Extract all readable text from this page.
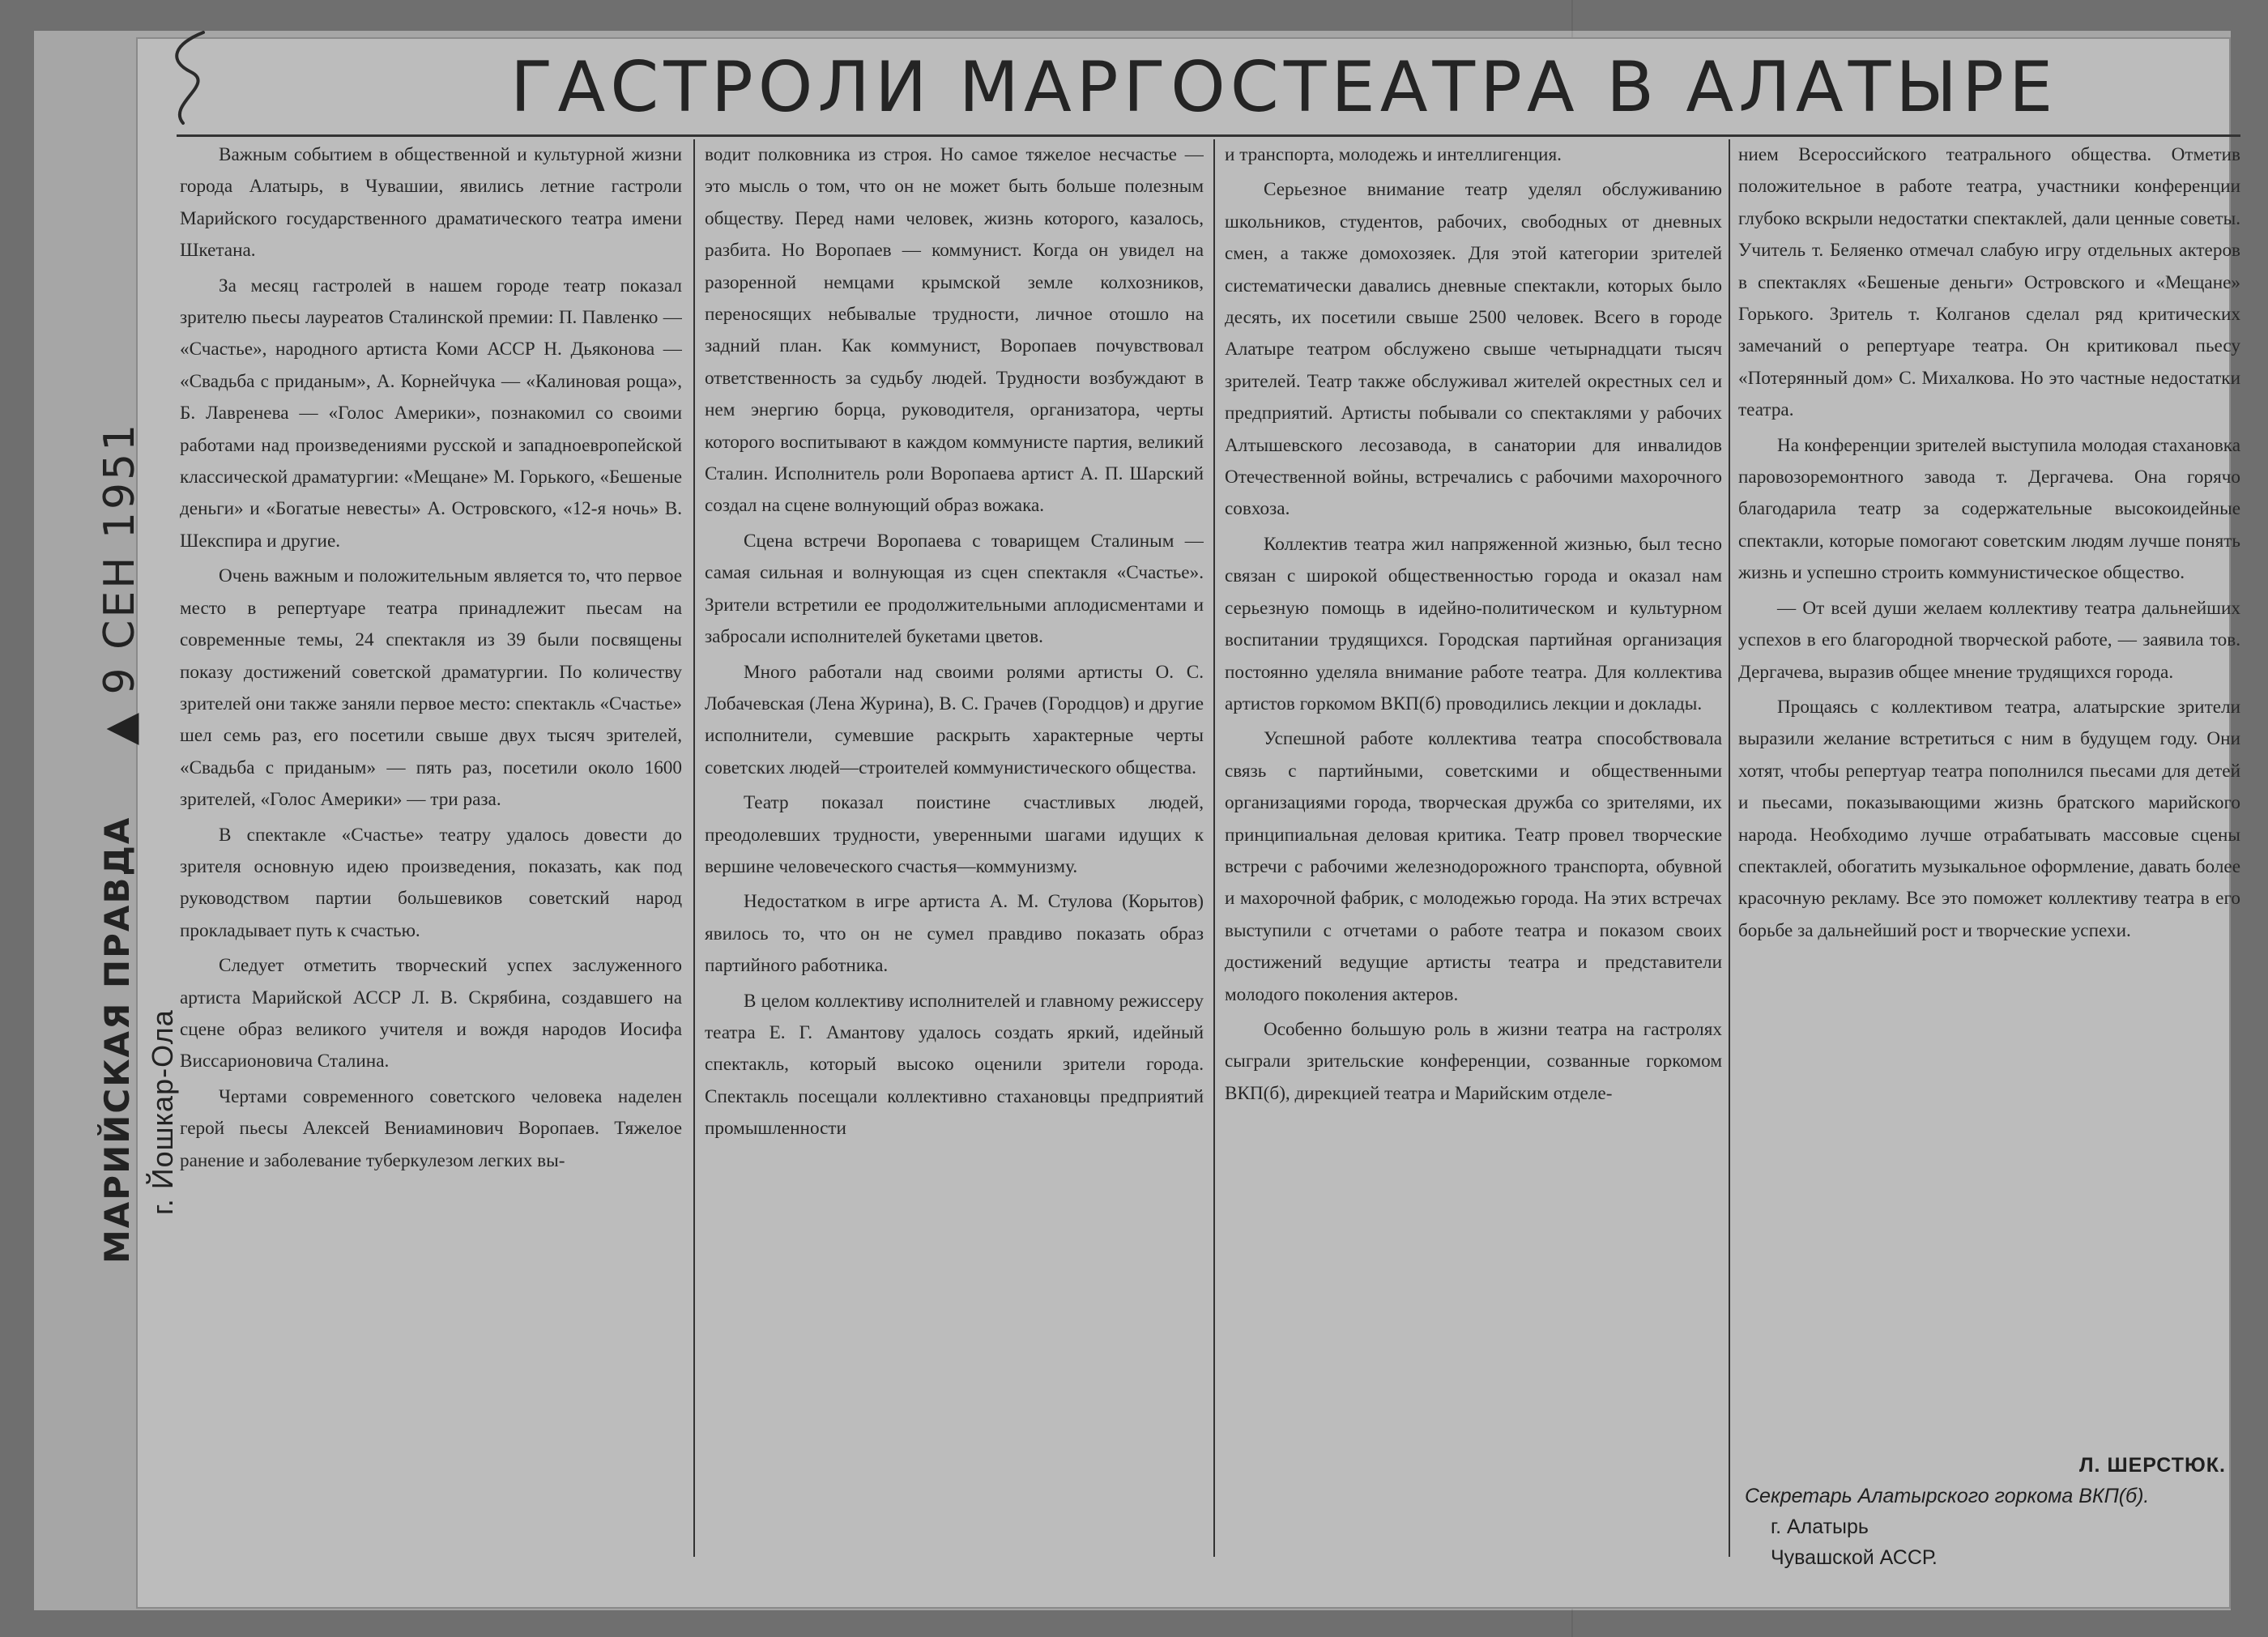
ГАСТРОЛИ МАРГОСТЕАТРА В АЛАТЫРЕ

Важным событием в общественной и культурной жизни города Алатырь, в Чувашии, явились летние гастроли Марийского государственного драматического театра имени Шкетана.

За месяц гастролей в нашем городе театр показал зрителю пьесы лауреатов Сталинской премии: П. Павленко — «Счастье», народного артиста Коми АССР Н. Дьяконова — «Свадьба с приданым», А. Корнейчука — «Калиновая роща», Б. Лавренева — «Голос Америки», познакомил со своими работами над произведениями русской и западноевропейской классической драматургии: «Мещане» М. Горького, «Бешеные деньги» и «Богатые невесты» А. Островского, «12-я ночь» В. Шекспира и другие.

Очень важным и положительным является то, что первое место в репертуаре театра принадлежит пьесам на современные темы, 24 спектакля из 39 были посвящены показу достижений советской драматургии. По количеству зрителей они также заняли первое место: спектакль «Счастье» шел семь раз, его посетили свыше двух тысяч зрителей, «Свадьба с приданым» — пять раз, посетили около 1600 зрителей, «Голос Америки» — три раза.

В спектакле «Счастье» театру удалось довести до зрителя основную идею произведения, показать, как под руководством партии большевиков советский народ прокладывает путь к счастью.

Следует отметить творческий успех заслуженного артиста Марийской АССР Л. В. Скрябина, создавшего на сцене образ великого учителя и вождя народов Иосифа Виссарионовича Сталина.

Чертами современного советского человека наделен герой пьесы Алексей Вениаминович Воропаев. Тяжелое ранение и заболевание туберкулезом легких вы-

водит полковника из строя. Но самое тяжелое несчастье — это мысль о том, что он не может быть больше полезным обществу. Перед нами человек, жизнь которого, казалось, разбита. Но Воропаев — коммунист. Когда он увидел на разоренной немцами крымской земле колхозников, переносящих небывалые трудности, личное отошло на задний план. Как коммунист, Воропаев почувствовал ответственность за судьбу людей. Трудности возбуждают в нем энергию борца, руководителя, организатора, черты которого воспитывают в каждом коммунисте партия, великий Сталин. Исполнитель роли Воропаева артист А. П. Шарский создал на сцене волнующий образ вожака.

Сцена встречи Воропаева с товарищем Сталиным — самая сильная и волнующая из сцен спектакля «Счастье». Зрители встретили ее продолжительными аплодисментами и забросали исполнителей букетами цветов.

Много работали над своими ролями артисты О. С. Лобачевская (Лена Журина), В. С. Грачев (Городцов) и другие исполнители, сумевшие раскрыть характерные черты советских людей—строителей коммунистического общества.

Театр показал поистине счастливых людей, преодолевших трудности, уверенными шагами идущих к вершине человеческого счастья—коммунизму.

Недостатком в игре артиста А. М. Стулова (Корытов) явилось то, что он не сумел правдиво показать образ партийного работника.

В целом коллективу исполнителей и главному режиссеру театра Е. Г. Амантову удалось создать яркий, идейный спектакль, который высоко оценили зрители города. Спектакль посещали коллективно стахановцы предприятий промышленности

и транспорта, молодежь и интеллигенция.

Серьезное внимание театр уделял обслуживанию школьников, студентов, рабочих, свободных от дневных смен, а также домохозяек. Для этой категории зрителей систематически давались дневные спектакли, которых было десять, их посетили свыше 2500 человек. Всего в городе Алатыре театром обслужено свыше четырнадцати тысяч зрителей. Театр также обслуживал жителей окрестных сел и предприятий. Артисты побывали со спектаклями у рабочих Алтышевского лесозавода, в санатории для инвалидов Отечественной войны, встречались с рабочими махорочного совхоза.

Коллектив театра жил напряженной жизнью, был тесно связан с широкой общественностью города и оказал нам серьезную помощь в идейно-политическом и культурном воспитании трудящихся. Городская партийная организация постоянно уделяла внимание работе театра. Для коллектива артистов горкомом ВКП(б) проводились лекции и доклады.

Успешной работе коллектива театра способствовала связь с партийными, советскими и общественными организациями города, творческая дружба со зрителями, их принципиальная деловая критика. Театр провел творческие встречи с рабочими железнодорожного транспорта, обувной и махорочной фабрик, с молодежью города. На этих встречах выступили с отчетами о работе театра и показом своих достижений ведущие артисты театра и представители молодого поколения актеров.

Особенно большую роль в жизни театра на гастролях сыграли зрительские конференции, созванные горкомом ВКП(б), дирекцией театра и Марийским отделе-

нием Всероссийского театрального общества. Отметив положительное в работе театра, участники конференции глубоко вскрыли недостатки спектаклей, дали ценные советы. Учитель т. Беляенко отмечал слабую игру отдельных актеров в спектаклях «Бешеные деньги» Островского и «Мещане» Горького. Зритель т. Колганов сделал ряд критических замечаний о репертуаре театра. Он критиковал пьесу «Потерянный дом» С. Михалкова. Но это частные недостатки театра.

На конференции зрителей выступила молодая стахановка паровозоремонтного завода т. Дергачева. Она горячо благодарила театр за содержательные высокоидейные спектакли, которые помогают советским людям лучше понять жизнь и успешно строить коммунистическое общество.

— От всей души желаем коллективу театра дальнейших успехов в его благородной творческой работе, — заявила тов. Дергачева, выразив общее мнение трудящихся города.

Прощаясь с коллективом театра, алатырские зрители выразили желание встретиться с ним в будущем году. Они хотят, чтобы репертуар театра пополнился пьесами для детей и пьесами, показывающими жизнь братского марийского народа. Необходимо лучше отрабатывать массовые сцены спектаклей, обогатить музыкальное оформление, давать более красочную рекламу. Все это поможет коллективу театра в его борьбе за дальнейший рост и творческие успехи.

Л. ШЕРСТЮК.
Секретарь Алатырского горкома ВКП(б).
г. Алатырь
Чувашской АССР.
▲ 9 СЕН 1951
МАРИЙСКАЯ ПРАВДА г. Йошкар-Ола
